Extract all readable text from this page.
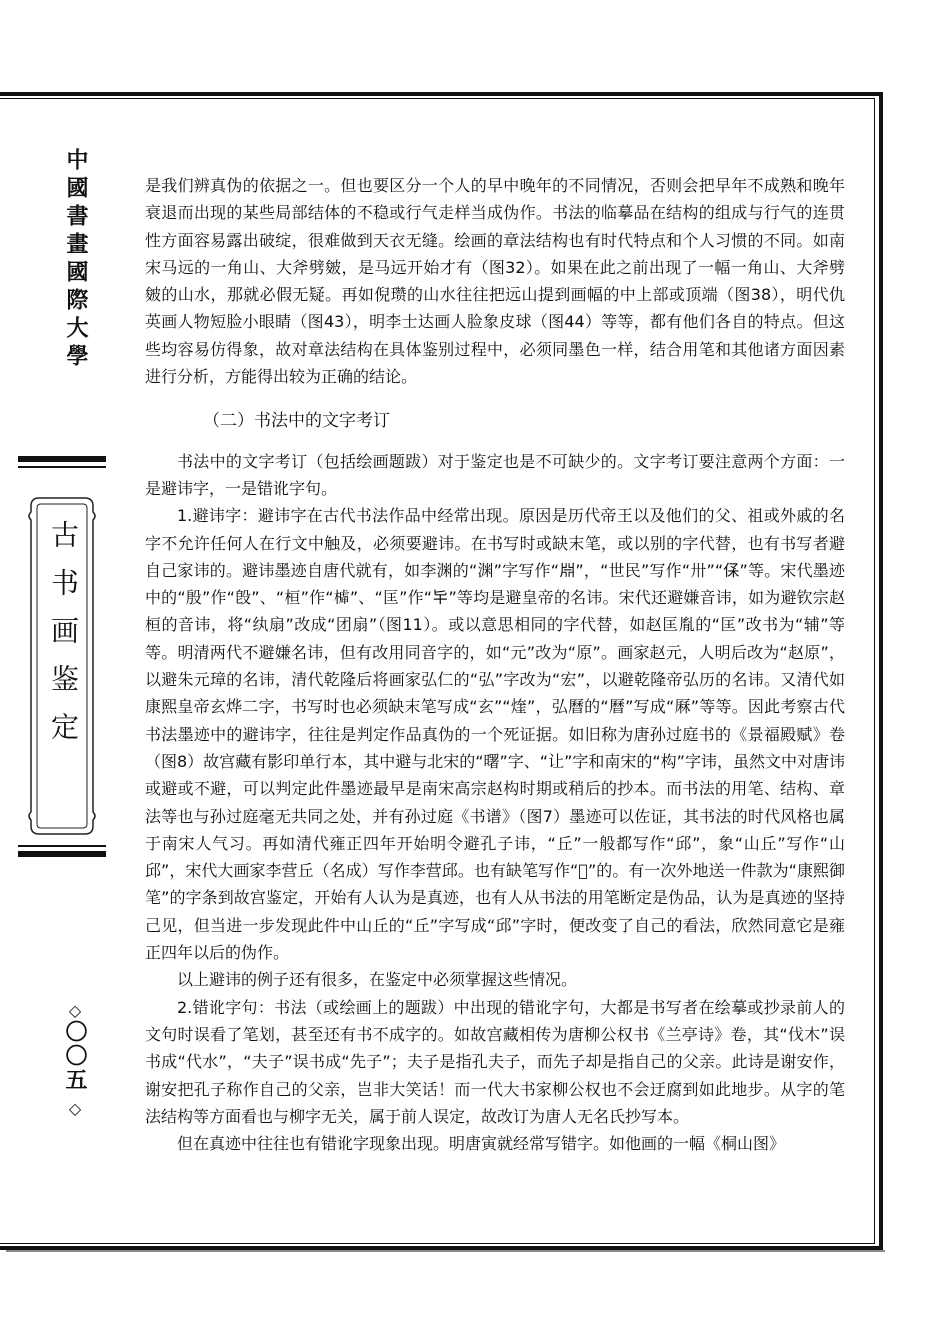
中國書畫國際大學
古书画鉴定
◇
〇〇五
◇

是我们辨真伪的依据之一。但也要区分一个人的早中晚年的不同情况，否则会把早年不成熟和晚年衰退而出现的某些局部结体的不稳或行气走样当成伪作。书法的临摹品在结构的组成与行气的连贯性方面容易露出破绽，很难做到天衣无缝。绘画的章法结构也有时代特点和个人习惯的不同。如南宋马远的一角山、大斧劈皴，是马远开始才有（图32）。如果在此之前出现了一幅一角山、大斧劈皴的山水，那就必假无疑。再如倪瓒的山水往往把远山提到画幅的中上部或顶端（图38），明代仇英画人物短脸小眼睛（图43），明李士达画人脸象皮球（图44）等等，都有他们各自的特点。但这些均容易仿得象，故对章法结构在具体鉴别过程中，必须同墨色一样，结合用笔和其他诸方面因素进行分析，方能得出较为正确的结论。

（二）书法中的文字考订

书法中的文字考订（包括绘画题跋）对于鉴定也是不可缺少的。文字考订要注意两个方面：一是避讳字，一是错讹字句。

1.避讳字：避讳字在古代书法作品中经常出现。原因是历代帝王以及他们的父、祖或外戚的名字不允许任何人在行文中触及，必须要避讳。在书写时或缺末笔，或以别的字代替，也有书写者避自己家讳的。避讳墨迹自唐代就有，如李渊的“渊”字写作“𣶒”，“世民”写作“卅”“𠈃”等。宋代墨迹中的“殷”作“𣪘”、“桓”作“𣘭”、“匡”作“𠤏”等均是避皇帝的名讳。宋代还避嫌音讳，如为避钦宗赵桓的音讳，将“纨扇”改成“团扇”（图11）。或以意思相同的字代替，如赵匡胤的“匡”改书为“辅”等等。明清两代不避嫌名讳，但有改用同音字的，如“元”改为“原”。画家赵元，人明后改为“赵原”，以避朱元璋的名讳，清代乾隆后将画家弘仁的“弘”字改为“宏”，以避乾隆帝弘历的名讳。又清代如康熙皇帝玄烨二字，书写时也必须缺末笔写成“玄”“煃”，弘曆的“曆”写成“厤”等等。因此考察古代书法墨迹中的避讳字，往往是判定作品真伪的一个死证据。如旧称为唐孙过庭书的《景福殿赋》卷（图8）故宫藏有影印单行本，其中避与北宋的“曙”字、“让”字和南宋的“构”字讳，虽然文中对唐讳或避或不避，可以判定此件墨迹最早是南宋高宗赵构时期或稍后的抄本。而书法的用笔、结构、章法等也与孙过庭毫无共同之处，并有孙过庭《书谱》（图7）墨迹可以佐证，其书法的时代风格也属于南宋人气习。再如清代雍正四年开始明令避孔子讳，“丘”一般都写作“邱”，象“山丘”写作“山邱”，宋代大画家李营丘（名成）写作李营邱。也有缺笔写作“𠀉”的。有一次外地送一件款为“康熙御笔”的字条到故宫鉴定，开始有人认为是真迹，也有人从书法的用笔断定是伪品，认为是真迹的坚持己见，但当进一步发现此件中山丘的“丘”字写成“邱”字时，便改变了自己的看法，欣然同意它是雍正四年以后的伪作。

以上避讳的例子还有很多，在鉴定中必须掌握这些情况。

2.错讹字句：书法（或绘画上的题跋）中出现的错讹字句，大都是书写者在绘摹或抄录前人的文句时误看了笔划，甚至还有书不成字的。如故宫藏相传为唐柳公权书《兰亭诗》卷，其“伐木”误书成“代水”，“夫子”误书成“先子”；夫子是指孔夫子，而先子却是指自己的父亲。此诗是谢安作，谢安把孔子称作自己的父亲，岂非大笑话！而一代大书家柳公权也不会迂腐到如此地步。从字的笔法结构等方面看也与柳字无关，属于前人误定，故改订为唐人无名氏抄写本。

但在真迹中往往也有错讹字现象出现。明唐寅就经常写错字。如他画的一幅《桐山图》
